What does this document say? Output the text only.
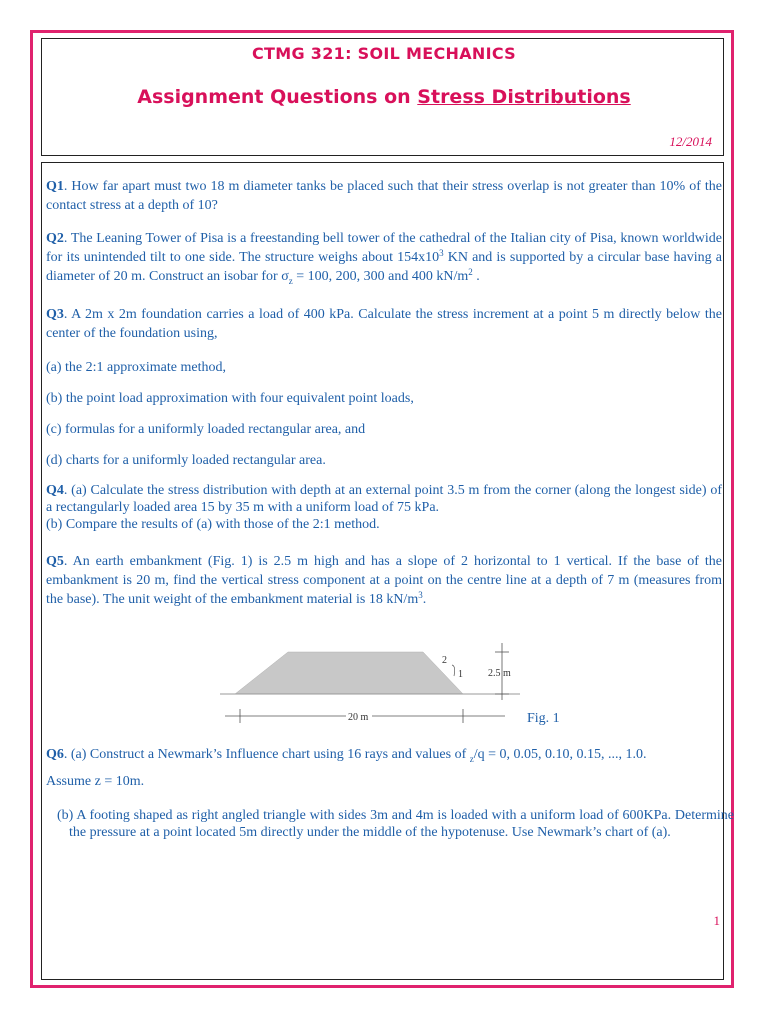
CTMG 321: SOIL MECHANICS
Assignment Questions on Stress Distributions
12/2014

Q1. How far apart must two 18 m diameter tanks be placed such that their stress overlap is not greater than 10% of the contact stress at a depth of 10?

Q2. The Leaning Tower of Pisa is a freestanding bell tower of the cathedral of the Italian city of Pisa, known worldwide for its unintended tilt to one side. The structure weighs about $154x10^3$ KN and is supported by a circular base having a diameter of 20 m. Construct an isobar for $\sigma_z = 100$, 200, 300 and 400 $kN/m^2$ .

Q3. A 2m x 2m foundation carries a load of 400 kPa. Calculate the stress increment at a point 5 m directly below the center of the foundation using,

(a) the 2:1 approximate method,

(b) the point load approximation with four equivalent point loads,

(c) formulas for a uniformly loaded rectangular area, and

(d) charts for a uniformly loaded rectangular area.

Q4. (a) Calculate the stress distribution with depth at an external point 3.5 m from the corner (along the longest side) of a rectangularly loaded area 15 by 35 m with a uniform load of 75 kPa.
(b) Compare the results of (a) with those of the 2:1 method.

Q5. An earth embankment (Fig. 1) is 2.5 m high and has a slope of 2 horizontal to 1 vertical. If the base of the embankment is 20 m, find the vertical stress component at a point on the centre line at a depth of 7 m (measures from the base). The unit weight of the embankment material is 18 $kN/m^3$.

2
1	2.5 m
20 m	Fig. 1

Q6. (a) Construct a Newmark’s Influence chart using 16 rays and values of $_z$/q = 0, 0.05, 0.10, 0.15, ..., 1.0.

Assume z = 10m.

(b) A footing shaped as right angled triangle with sides 3m and 4m is loaded with a uniform load of 600KPa. Determine the pressure at a point located 5m directly under the middle of the hypotenuse. Use Newmark’s chart of (a).

1
